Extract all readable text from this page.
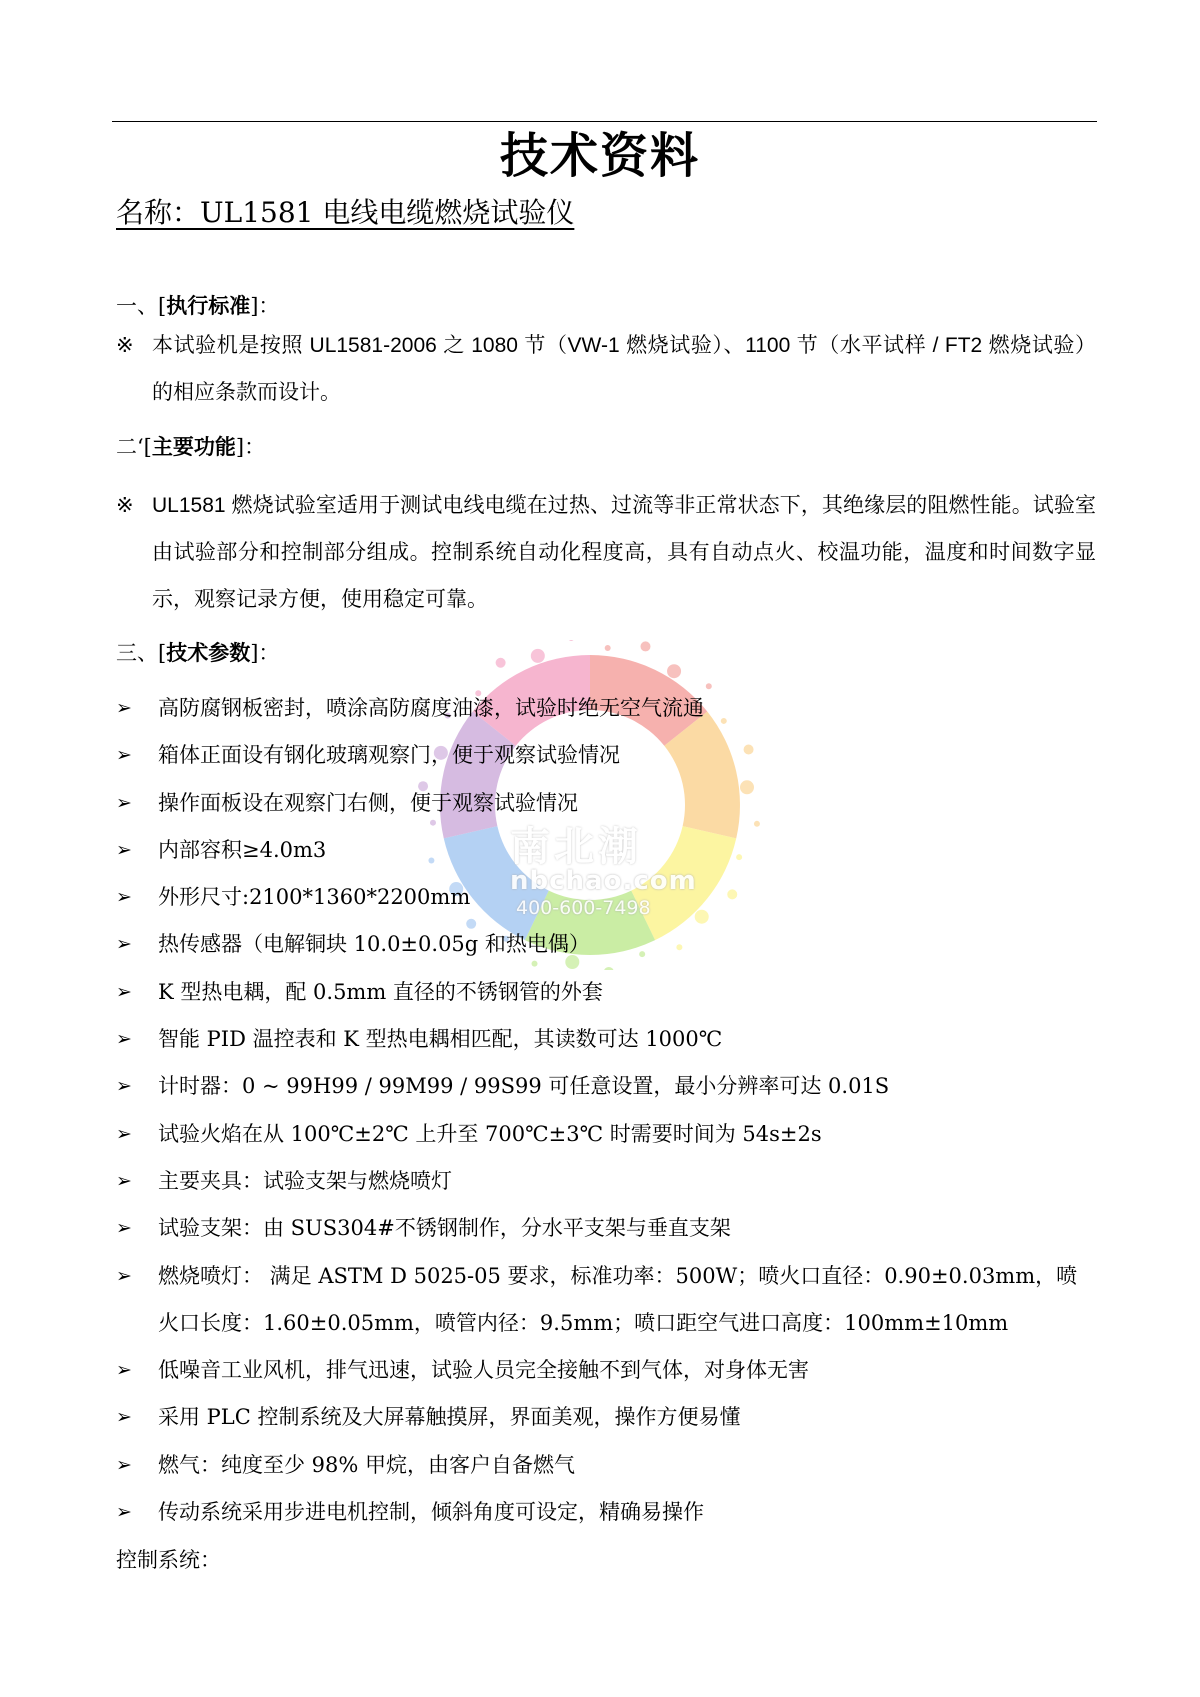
技术资料
名称：UL1581 电线电缆燃烧试验仪
南北潮
nbchao.com
400-600-7498
一、[执行标准]：
※ 本试验机是按照 UL1581-2006 之 1080 节（VW-1 燃烧试验）、1100 节（水平试样 / FT2 燃烧试验）的相应条款而设计。
二‘[主要功能]：
※ UL1581 燃烧试验室适用于测试电线电缆在过热、过流等非正常状态下，其绝缘层的阻燃性能。试验室由试验部分和控制部分组成。控制系统自动化程度高，具有自动点火、校温功能，温度和时间数字显示，观察记录方便，使用稳定可靠。
三、[技术参数]：
➢	高防腐钢板密封，喷涂高防腐度油漆，试验时绝无空气流通
➢	箱体正面设有钢化玻璃观察门，便于观察试验情况
➢	操作面板设在观察门右侧，便于观察试验情况
➢	内部容积≥4.0m3
➢	外形尺寸:2100*1360*2200mm
➢	热传感器（电解铜块 10.0±0.05g 和热电偶）
➢	K 型热电耦，配 0.5mm 直径的不锈钢管的外套
➢	智能 PID 温控表和 K 型热电耦相匹配，其读数可达 1000℃
➢	计时器：0 ~ 99H99 / 99M99 / 99S99 可任意设置，最小分辨率可达 0.01S
➢	试验火焰在从 100℃±2℃ 上升至 700℃±3℃ 时需要时间为 54s±2s
➢	主要夹具：试验支架与燃烧喷灯
➢	试验支架：由 SUS304#不锈钢制作，分水平支架与垂直支架
➢	燃烧喷灯： 满足 ASTM D 5025-05 要求，标准功率：500W；喷火口直径：0.90±0.03mm，喷火口长度：1.60±0.05mm，喷管内径：9.5mm；喷口距空气进口高度：100mm±10mm
➢	低噪音工业风机，排气迅速，试验人员完全接触不到气体，对身体无害
➢	采用 PLC 控制系统及大屏幕触摸屏，界面美观，操作方便易懂
➢	燃气：纯度至少 98% 甲烷，由客户自备燃气
➢	传动系统采用步进电机控制，倾斜角度可设定，精确易操作
控制系统：
